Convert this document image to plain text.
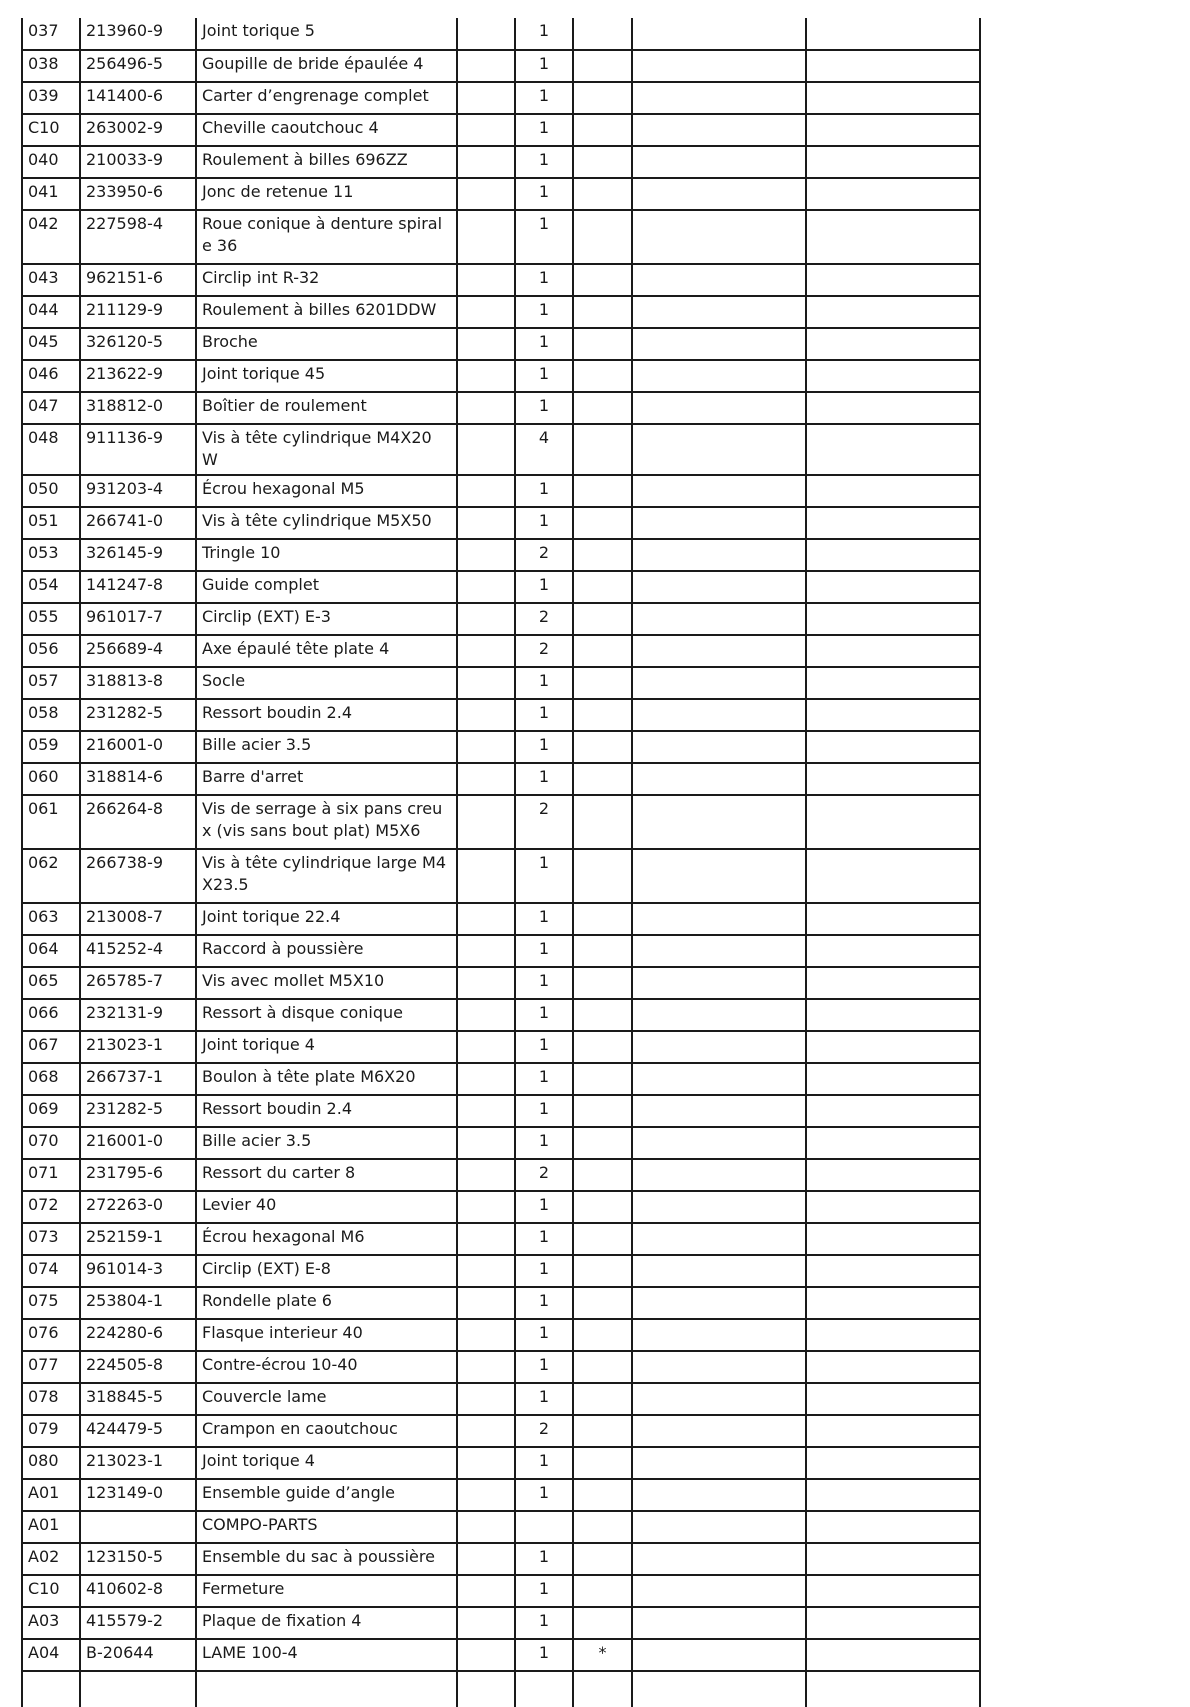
037	213960-9	Joint torique 5		1			
038	256496-5	Goupille de bride épaulée 4		1			
039	141400-6	Carter d’engrenage complet		1			
C10	263002-9	Cheville caoutchouc 4		1			
040	210033-9	Roulement à billes 696ZZ		1			
041	233950-6	Jonc de retenue 11		1			
042	227598-4	Roue conique à denture spirale 36		1			
043	962151-6	Circlip int R-32		1			
044	211129-9	Roulement à billes 6201DDW		1			
045	326120-5	Broche		1			
046	213622-9	Joint torique 45		1			
047	318812-0	Boîtier de roulement		1			
048	911136-9	Vis à tête cylindrique M4X20 W		4			
050	931203-4	Écrou hexagonal M5		1			
051	266741-0	Vis à tête cylindrique M5X50		1			
053	326145-9	Tringle 10		2			
054	141247-8	Guide complet		1			
055	961017-7	Circlip (EXT) E-3		2			
056	256689-4	Axe épaulé tête plate 4		2			
057	318813-8	Socle		1			
058	231282-5	Ressort boudin 2.4		1			
059	216001-0	Bille acier 3.5		1			
060	318814-6	Barre d'arret		1			
061	266264-8	Vis de serrage à six pans creux (vis sans bout plat) M5X6		2			
062	266738-9	Vis à tête cylindrique large M4X23.5		1			
063	213008-7	Joint torique 22.4		1			
064	415252-4	Raccord à poussière		1			
065	265785-7	Vis avec mollet M5X10		1			
066	232131-9	Ressort à disque conique		1			
067	213023-1	Joint torique 4		1			
068	266737-1	Boulon à tête plate M6X20		1			
069	231282-5	Ressort boudin 2.4		1			
070	216001-0	Bille acier 3.5		1			
071	231795-6	Ressort du carter 8		2			
072	272263-0	Levier 40		1			
073	252159-1	Écrou hexagonal M6		1			
074	961014-3	Circlip (EXT) E-8		1			
075	253804-1	Rondelle plate 6		1			
076	224280-6	Flasque interieur 40		1			
077	224505-8	Contre-écrou 10-40		1			
078	318845-5	Couvercle lame		1			
079	424479-5	Crampon en caoutchouc		2			
080	213023-1	Joint torique 4		1			
A01	123149-0	Ensemble guide d’angle		1			
A01		COMPO-PARTS					
A02	123150-5	Ensemble du sac à poussière		1			
C10	410602-8	Fermeture		1			
A03	415579-2	Plaque de fixation 4		1			
A04	B-20644	LAME 100-4		1	*		
